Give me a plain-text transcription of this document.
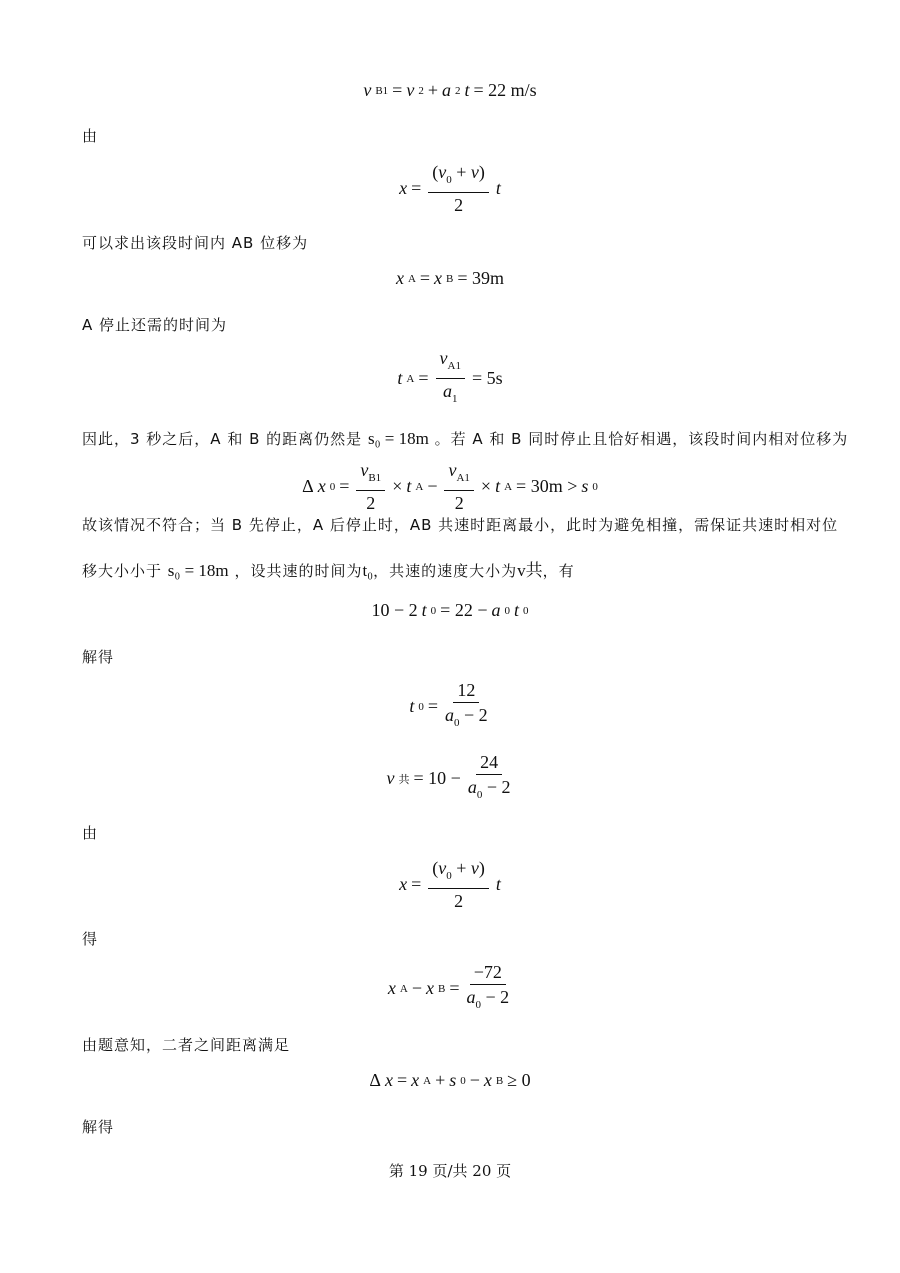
v B1 = v 2 + a 2 t = 22 m/s
由
$x = \frac{(v_0 + v)}{2}$ t
可以求出该段时间内 AB 位移为
x A = x B = 39m
A 停止还需的时间为
t $A = \frac{v_{A1}}{a_1} = 5s$
因此，3 秒之后，A 和 B 的距离仍然是 s₀ = 18m 。若 A 和 B 同时停止且恰好相遇，该段时间内相对位移为
Δ x $0 = \frac{v_{B1}}{2} \times t$ $A - \frac{v_{A1}}{2} \times t$ A = 30m > s 0
故该情况不符合；当 B 先停止，A 后停止时，AB 共速时距离最小，此时为避免相撞，需保证共速时相对位
移大小小于 s₀ = 18m ，设共速的时间为t₀，共速的速度大小为v共，有
10 − 2 t 0 = 22 − a 0 t 0
解得
t $0 = \frac{12}{a_0 - 2}$
v 共 = $10 - \frac{24}{a_0 - 2}$
由
$x = \frac{(v_0 + v)}{2}$ t
得
x A − x $B = \frac{-72}{a_0 - 2}$
由题意知，二者之间距离满足
Δ x = x A + s 0 − x B ≥ 0
解得
第 19 页/共 20 页
